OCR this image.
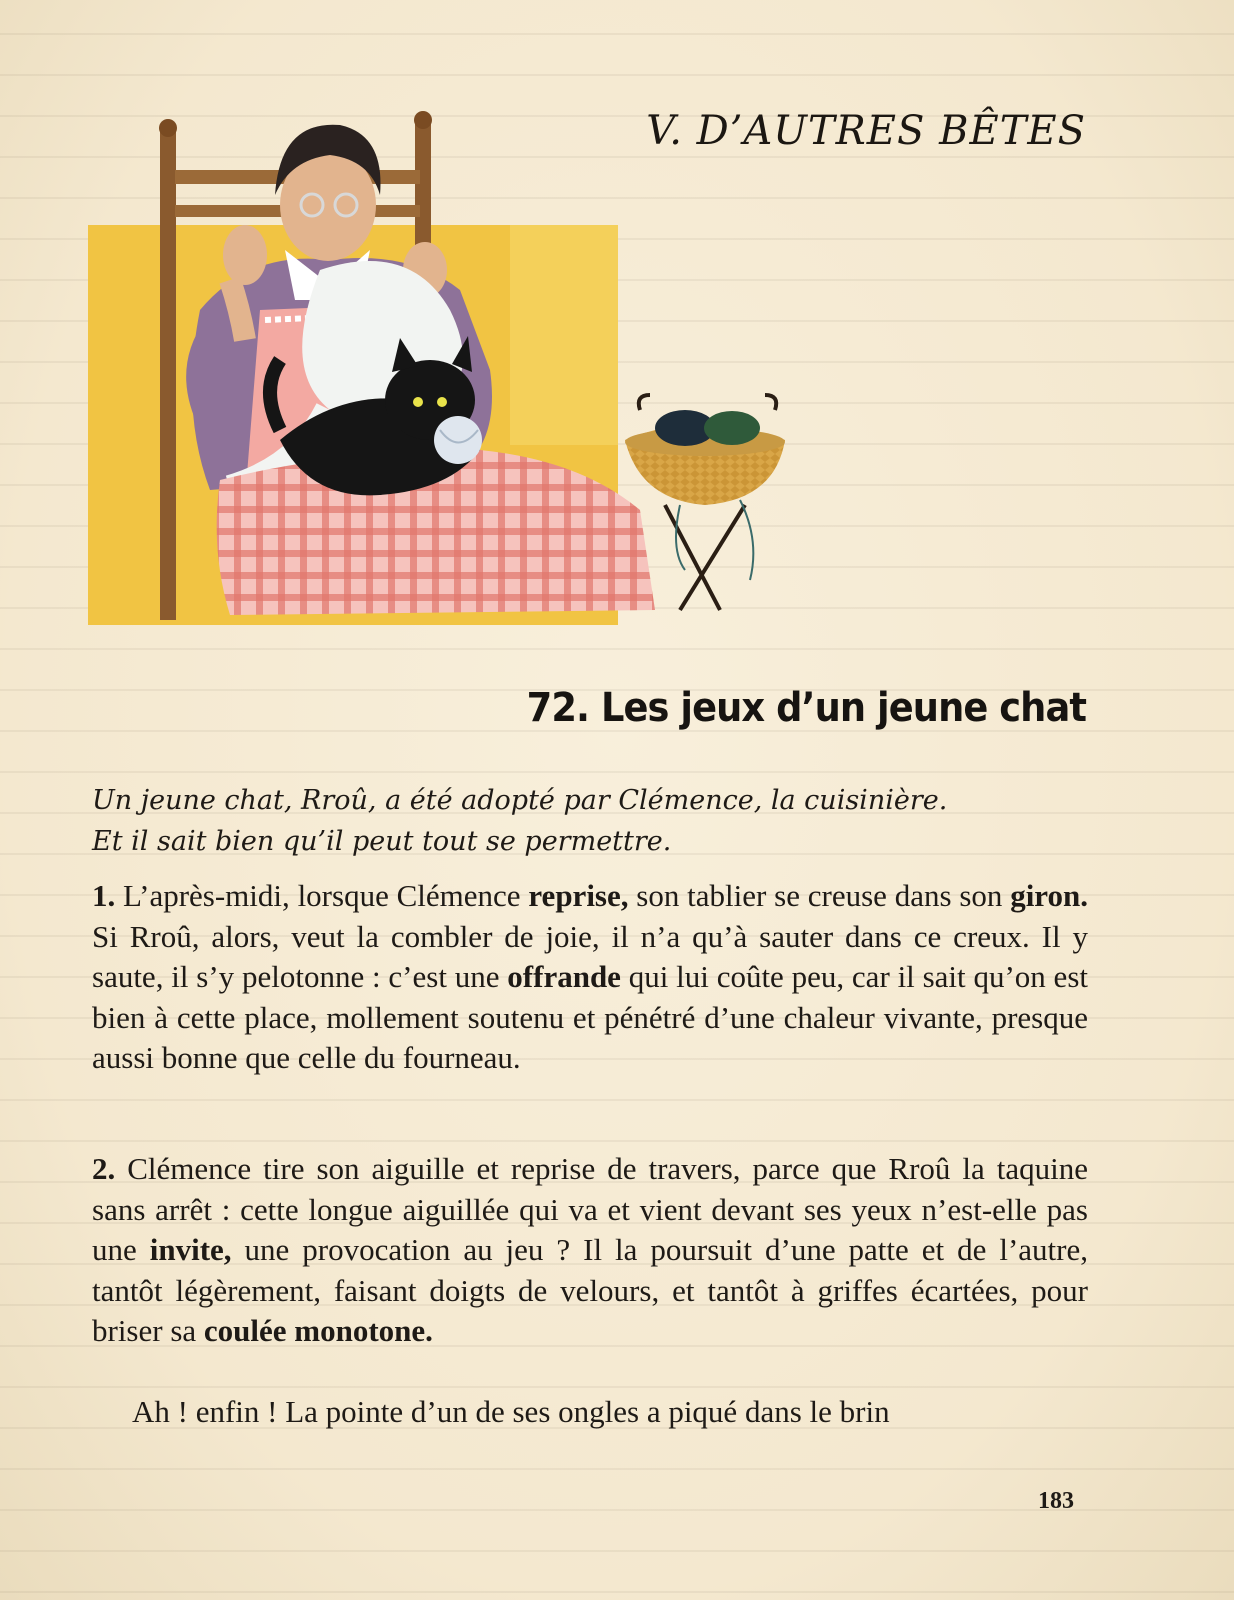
V. D’AUTRES BÊTES
72. Les jeux d’un jeune chat
Un jeune chat, Rroû, a été adopté par Clémence, la cuisinière.
Et il sait bien qu’il peut tout se permettre.
1. L’après-midi, lorsque Clémence reprise, son tablier se creuse dans son giron. Si Rroû, alors, veut la combler de joie, il n’a qu’à sauter dans ce creux. Il y saute, il s’y pelotonne : c’est une offrande qui lui coûte peu, car il sait qu’on est bien à cette place, mollement soutenu et pénétré d’une chaleur vivante, presque aussi bonne que celle du fourneau.
2. Clémence tire son aiguille et reprise de travers, parce que Rroû la taquine sans arrêt : cette longue aiguillée qui va et vient devant ses yeux n’est-elle pas une invite, une provocation au jeu ? Il la poursuit d’une patte et de l’autre, tantôt légèrement, faisant doigts de velours, et tantôt à griffes écartées, pour briser sa coulée monotone.
Ah ! enfin ! La pointe d’un de ses ongles a piqué dans le brin
183
